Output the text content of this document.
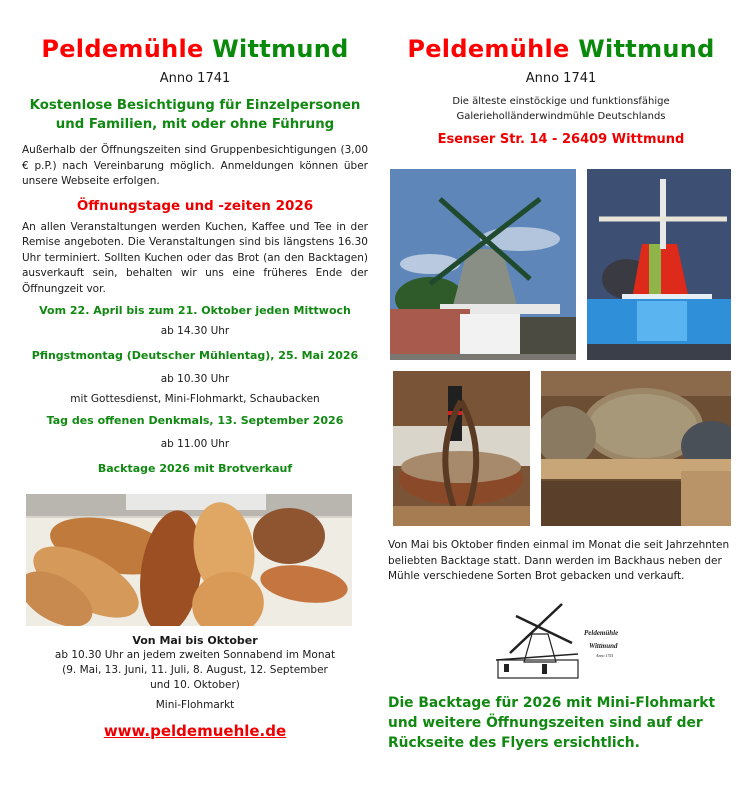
Peldemühle Wittmund
Anno 1741
Kostenlose Besichtigung für Einzelpersonen
und Familien, mit oder ohne Führung
Außerhalb der Öffnungszeiten sind Gruppenbesichtigungen (3,00 € p.P.) nach Vereinbarung möglich. Anmeldungen können über unsere Webseite erfolgen.
Öffnungstage und -zeiten 2026
An allen Veranstaltungen werden Kuchen, Kaffee und Tee in der Remise angeboten. Die Veranstaltungen sind bis längstens 16.30 Uhr terminiert. Sollten Kuchen oder das Brot (an den Backtagen) ausverkauft sein, behalten wir uns eine früheres Ende der Öffnungzeit vor.
Vom 22. April bis zum 21. Oktober jeden Mittwoch
ab 14.30 Uhr
Pfingstmontag (Deutscher Mühlentag), 25. Mai 2026
ab 10.30 Uhr
mit Gottesdienst, Mini-Flohmarkt, Schaubacken
Tag des offenen Denkmals, 13. September 2026
ab 11.00 Uhr
Backtage 2026 mit Brotverkauf
Von Mai bis Oktober
ab 10.30 Uhr an jedem zweiten Sonnabend im Monat
(9. Mai, 13. Juni, 11. Juli, 8. August, 12. September
und 10. Oktober)
Mini-Flohmarkt
www.peldemuehle.de
Peldemühle Wittmund
Anno 1741
Die älteste einstöckige und funktionsfähige
Galerieholländerwindmühle Deutschlands
Esenser Str. 14 - 26409 Wittmund
Von Mai bis Oktober finden einmal im Monat die seit Jahrzehnten beliebten Backtage statt. Dann werden im Backhaus neben der Mühle verschiedene Sorten Brot gebacken und verkauft.
Peldemühle
Wittmund
Anno 1741
Die Backtage für 2026 mit Mini-Flohmarkt und weitere Öffnungszeiten sind auf der Rückseite des Flyers ersichtlich.
